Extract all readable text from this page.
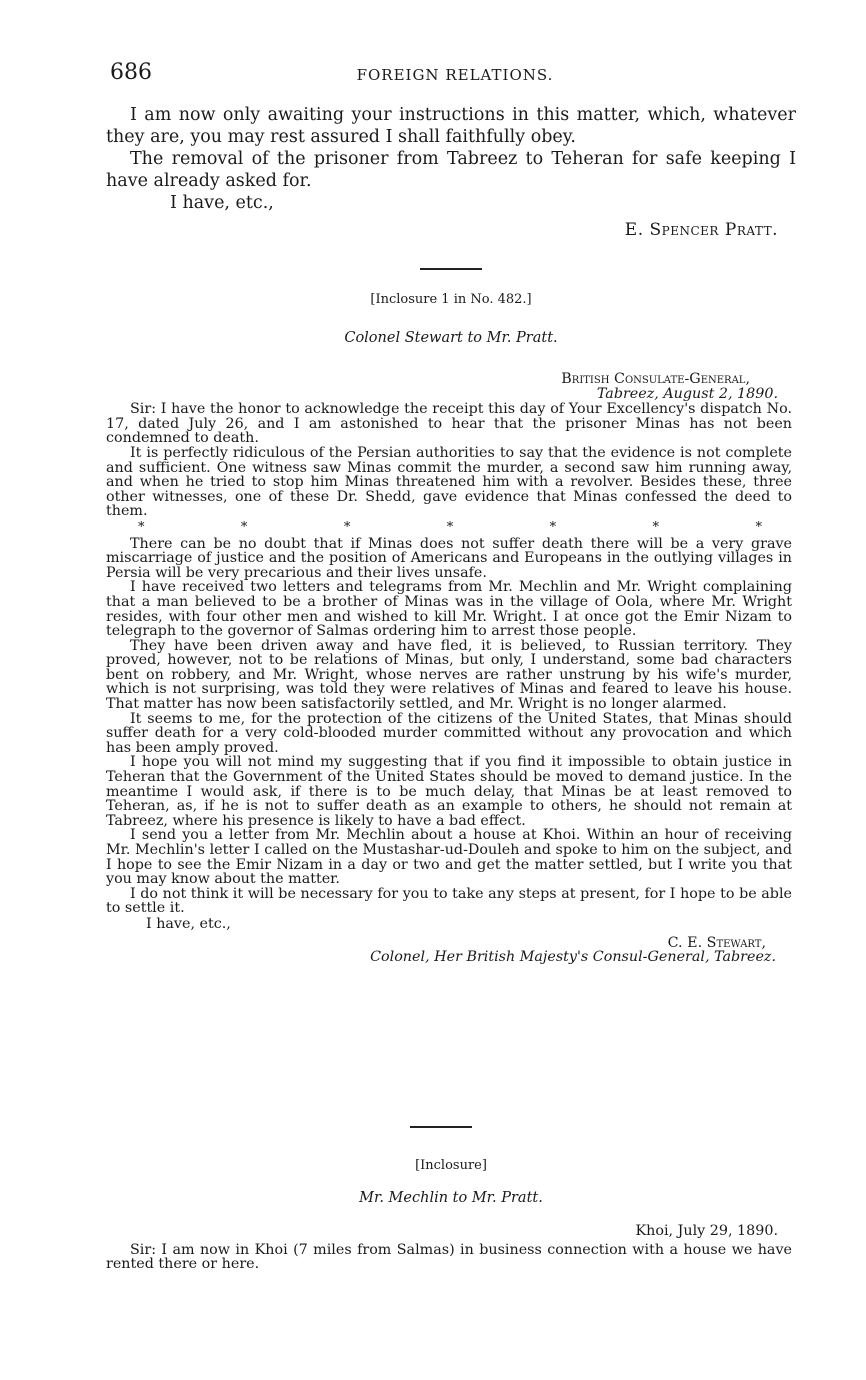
686	FOREIGN RELATIONS.

I am now only awaiting your instructions in this matter, which, whatever they are, you may rest assured I shall faithfully obey.

The removal of the prisoner from Tabreez to Teheran for safe keeping I have already asked for.

I have, etc.,

E. Spencer Pratt.
[Inclosure 1 in No. 482.]
Colonel Stewart to Mr. Pratt.
British Consulate-General,
Tabreez, August 2, 1890.

Sir: I have the honor to acknowledge the receipt this day of Your Excellency's dispatch No. 17, dated July 26, and I am astonished to hear that the prisoner Minas has not been condemned to death.

It is perfectly ridiculous of the Persian authorities to say that the evidence is not complete and sufficient. One witness saw Minas commit the murder, a second saw him running away, and when he tried to stop him Minas threatened him with a revolver. Besides these, three other witnesses, one of these Dr. Shedd, gave evidence that Minas confessed the deed to them.

*	*	*	*	*	*	*

There can be no doubt that if Minas does not suffer death there will be a very grave miscarriage of justice and the position of Americans and Europeans in the outlying villages in Persia will be very precarious and their lives unsafe.

I have received two letters and telegrams from Mr. Mechlin and Mr. Wright complaining that a man believed to be a brother of Minas was in the village of Oola, where Mr. Wright resides, with four other men and wished to kill Mr. Wright. I at once got the Emir Nizam to telegraph to the governor of Salmas ordering him to arrest those people.

They have been driven away and have fled, it is believed, to Russian territory. They proved, however, not to be relations of Minas, but only, I understand, some bad characters bent on robbery, and Mr. Wright, whose nerves are rather unstrung by his wife's murder, which is not surprising, was told they were relatives of Minas and feared to leave his house. That matter has now been satisfactorily settled, and Mr. Wright is no longer alarmed.

It seems to me, for the protection of the citizens of the United States, that Minas should suffer death for a very cold-blooded murder committed without any provocation and which has been amply proved.

I hope you will not mind my suggesting that if you find it impossible to obtain justice in Teheran that the Government of the United States should be moved to demand justice. In the meantime I would ask, if there is to be much delay, that Minas be at least removed to Teheran, as, if he is not to suffer death as an example to others, he should not remain at Tabreez, where his presence is likely to have a bad effect.

I send you a letter from Mr. Mechlin about a house at Khoi. Within an hour of receiving Mr. Mechlin's letter I called on the Mustashar-ud-Douleh and spoke to him on the subject, and I hope to see the Emir Nizam in a day or two and get the matter settled, but I write you that you may know about the matter.

I do not think it will be necessary for you to take any steps at present, for I hope to be able to settle it.

I have, etc.,

C. E. Stewart,
Colonel, Her British Majesty's Consul-General, Tabreez.
[Inclosure]
Mr. Mechlin to Mr. Pratt.
Khoi, July 29, 1890.

Sir: I am now in Khoi (7 miles from Salmas) in business connection with a house we have rented there or here.
